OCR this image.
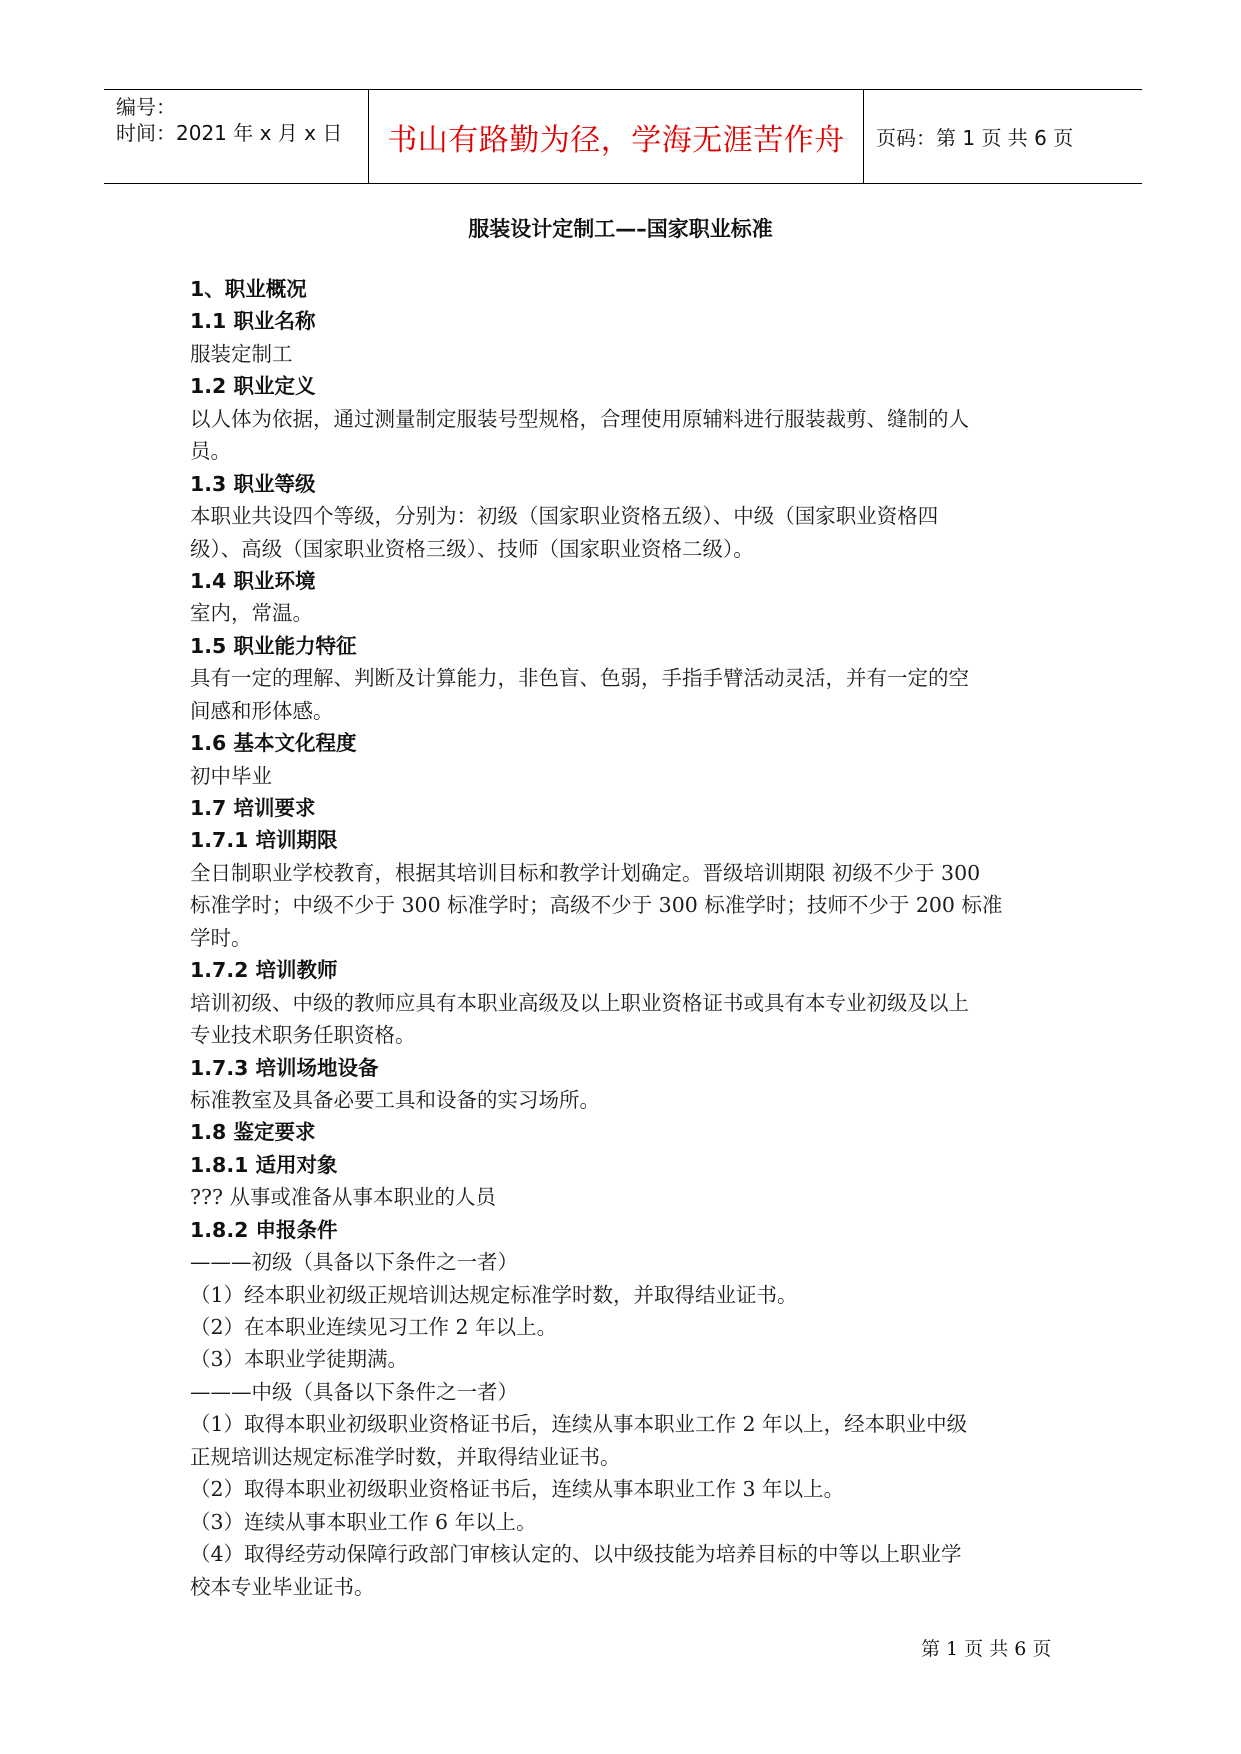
编号：
时间：2021 年 x 月 x 日 书山有路勤为径，学海无涯苦作舟 页码：第 1 页 共 6 页
服装设计定制工—–国家职业标准
1、职业概况
1.1 职业名称
服装定制工
1.2 职业定义
以人体为依据，通过测量制定服装号型规格，合理使用原辅料进行服装裁剪、缝制的人
员。
1.3 职业等级
本职业共设四个等级，分别为：初级（国家职业资格五级）、中级（国家职业资格四
级）、高级（国家职业资格三级）、技师（国家职业资格二级）。
1.4 职业环境
室内，常温。
1.5 职业能力特征
具有一定的理解、判断及计算能力，非色盲、色弱，手指手臂活动灵活，并有一定的空
间感和形体感。
1.6 基本文化程度
初中毕业
1.7 培训要求
1.7.1 培训期限
全日制职业学校教育，根据其培训目标和教学计划确定。晋级培训期限 初级不少于 300
标准学时；中级不少于 300 标准学时；高级不少于 300 标准学时；技师不少于 200 标准
学时。
1.7.2 培训教师
培训初级、中级的教师应具有本职业高级及以上职业资格证书或具有本专业初级及以上
专业技术职务任职资格。
1.7.3 培训场地设备
标准教室及具备必要工具和设备的实习场所。
1.8 鉴定要求
1.8.1 适用对象
??? 从事或准备从事本职业的人员
1.8.2 申报条件
———初级（具备以下条件之一者）
（1）经本职业初级正规培训达规定标准学时数，并取得结业证书。
（2）在本职业连续见习工作 2 年以上。
（3）本职业学徒期满。
———中级（具备以下条件之一者）
（1）取得本职业初级职业资格证书后，连续从事本职业工作 2 年以上，经本职业中级
正规培训达规定标准学时数，并取得结业证书。
（2）取得本职业初级职业资格证书后，连续从事本职业工作 3 年以上。
（3）连续从事本职业工作 6 年以上。
（4）取得经劳动保障行政部门审核认定的、以中级技能为培养目标的中等以上职业学
校本专业毕业证书。
第 1 页 共 6 页
